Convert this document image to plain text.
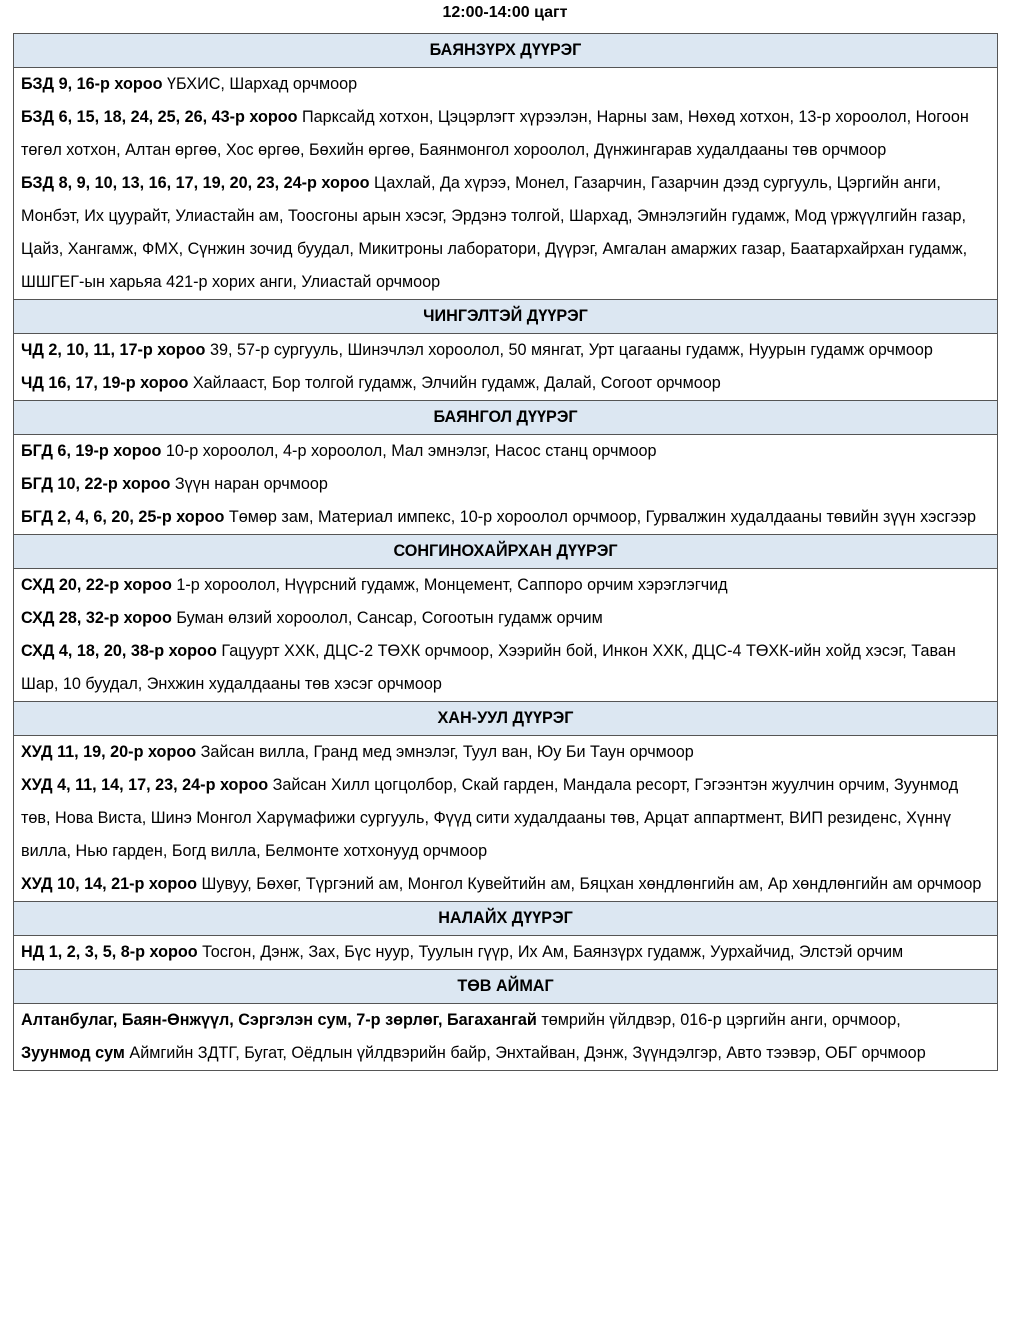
12:00-14:00 цагт
БАЯНЗҮРХ ДҮҮРЭГ

БЗД 9, 16-р хороо ҮБХИС, Шархад орчмоор

БЗД 6, 15, 18, 24, 25, 26, 43-р хороо Парксайд хотхон, Цэцэрлэгт хүрээлэн, Нарны зам, Нөхөд хотхон, 13-р хороолол, Ногоон төгөл хотхон, Алтан өргөө, Хос өргөө, Бөхийн өргөө, Баянмонгол хороолол, Дүнжингарав худалдааны төв орчмоор

БЗД 8, 9, 10, 13, 16, 17, 19, 20, 23, 24-р хороо Цахлай, Да хүрээ, Монел, Газарчин, Газарчин дээд сургууль, Цэргийн анги, Монбэт, Их цуурайт, Улиастайн ам, Тоосгоны арын хэсэг, Эрдэнэ толгой, Шархад, Эмнэлэгийн гудамж, Мод үржүүлгийн газар, Цайз, Хангамж, ФМХ, Сүнжин зочид буудал, Микитроны лаборатори, Дүүрэг, Амгалан амаржих газар, Баатархайрхан гудамж, ШШГЕГ-ын харьяа 421-р хорих анги, Улиастай орчмоор

ЧИНГЭЛТЭЙ ДҮҮРЭГ

ЧД 2, 10, 11, 17-р хороо 39, 57-р сургууль, Шинэчлэл хороолол, 50 мянгат, Урт цагааны гудамж, Нуурын гудамж орчмоор

ЧД 16, 17, 19-р хороо Хайлааст, Бор толгой гудамж, Элчийн гудамж, Далай, Согоот орчмоор

БАЯНГОЛ ДҮҮРЭГ

БГД 6, 19-р хороо 10-р хороолол, 4-р хороолол, Мал эмнэлэг, Насос станц орчмоор

БГД 10, 22-р хороо Зүүн наран орчмоор

БГД 2, 4, 6, 20, 25-р хороо Төмөр зам, Материал импекс, 10-р хороолол орчмоор, Гурвалжин худалдааны төвийн зүүн хэсгээр

СОНГИНОХАЙРХАН ДҮҮРЭГ

СХД 20, 22-р хороо 1-р хороолол, Нүүрсний гудамж, Монцемент, Саппоро орчим хэрэглэгчид

СХД 28, 32-р хороо Буман өлзий хороолол, Сансар, Согоотын гудамж орчим

СХД 4, 18, 20, 38-р хороо Гацуурт ХХК, ДЦС-2 ТӨХК орчмоор, Хээрийн бой, Инкон ХХК, ДЦС-4 ТӨХК-ийн хойд хэсэг, Таван Шар, 10 буудал, Энхжин худалдааны төв хэсэг орчмоор

ХАН-УУЛ ДҮҮРЭГ

ХУД 11, 19, 20-р хороо Зайсан вилла, Гранд мед эмнэлэг, Туул ван, Юу Би Таун орчмоор

ХУД 4, 11, 14, 17, 23, 24-р хороо Зайсан Хилл цогцолбор, Скай гарден, Мандала ресорт, Гэгээнтэн жуулчин орчим, Зуунмод төв, Нова Виста, Шинэ Монгол Харүмафижи сургууль, Фүүд сити худалдааны төв, Арцат аппартмент, ВИП резиденс, Хүннү вилла, Нью гарден, Богд вилла, Белмонте хотхонууд орчмоор

ХУД 10, 14, 21-р хороо Шувуу, Бөхөг, Түргэний ам, Монгол Кувейтийн ам, Бяцхан хөндлөнгийн ам, Ар хөндлөнгийн ам орчмоор

НАЛАЙХ ДҮҮРЭГ

НД 1, 2, 3, 5, 8-р хороо Тосгон, Дэнж, Зах, Бүс нуур, Туулын гүүр, Их Ам, Баянзүрх гудамж, Уурхайчид, Элстэй орчим

ТӨВ АЙМАГ

Алтанбулаг, Баян-Өнжүүл, Сэргэлэн сум, 7-р зөрлөг, Багахангай төмрийн үйлдвэр, 016-р цэргийн анги, орчмоор,

Зуунмод сум Аймгийн ЗДТГ, Бугат, Оёдлын үйлдвэрийн байр, Энхтайван, Дэнж, Зүүндэлгэр, Авто тээвэр, ОБГ орчмоор
